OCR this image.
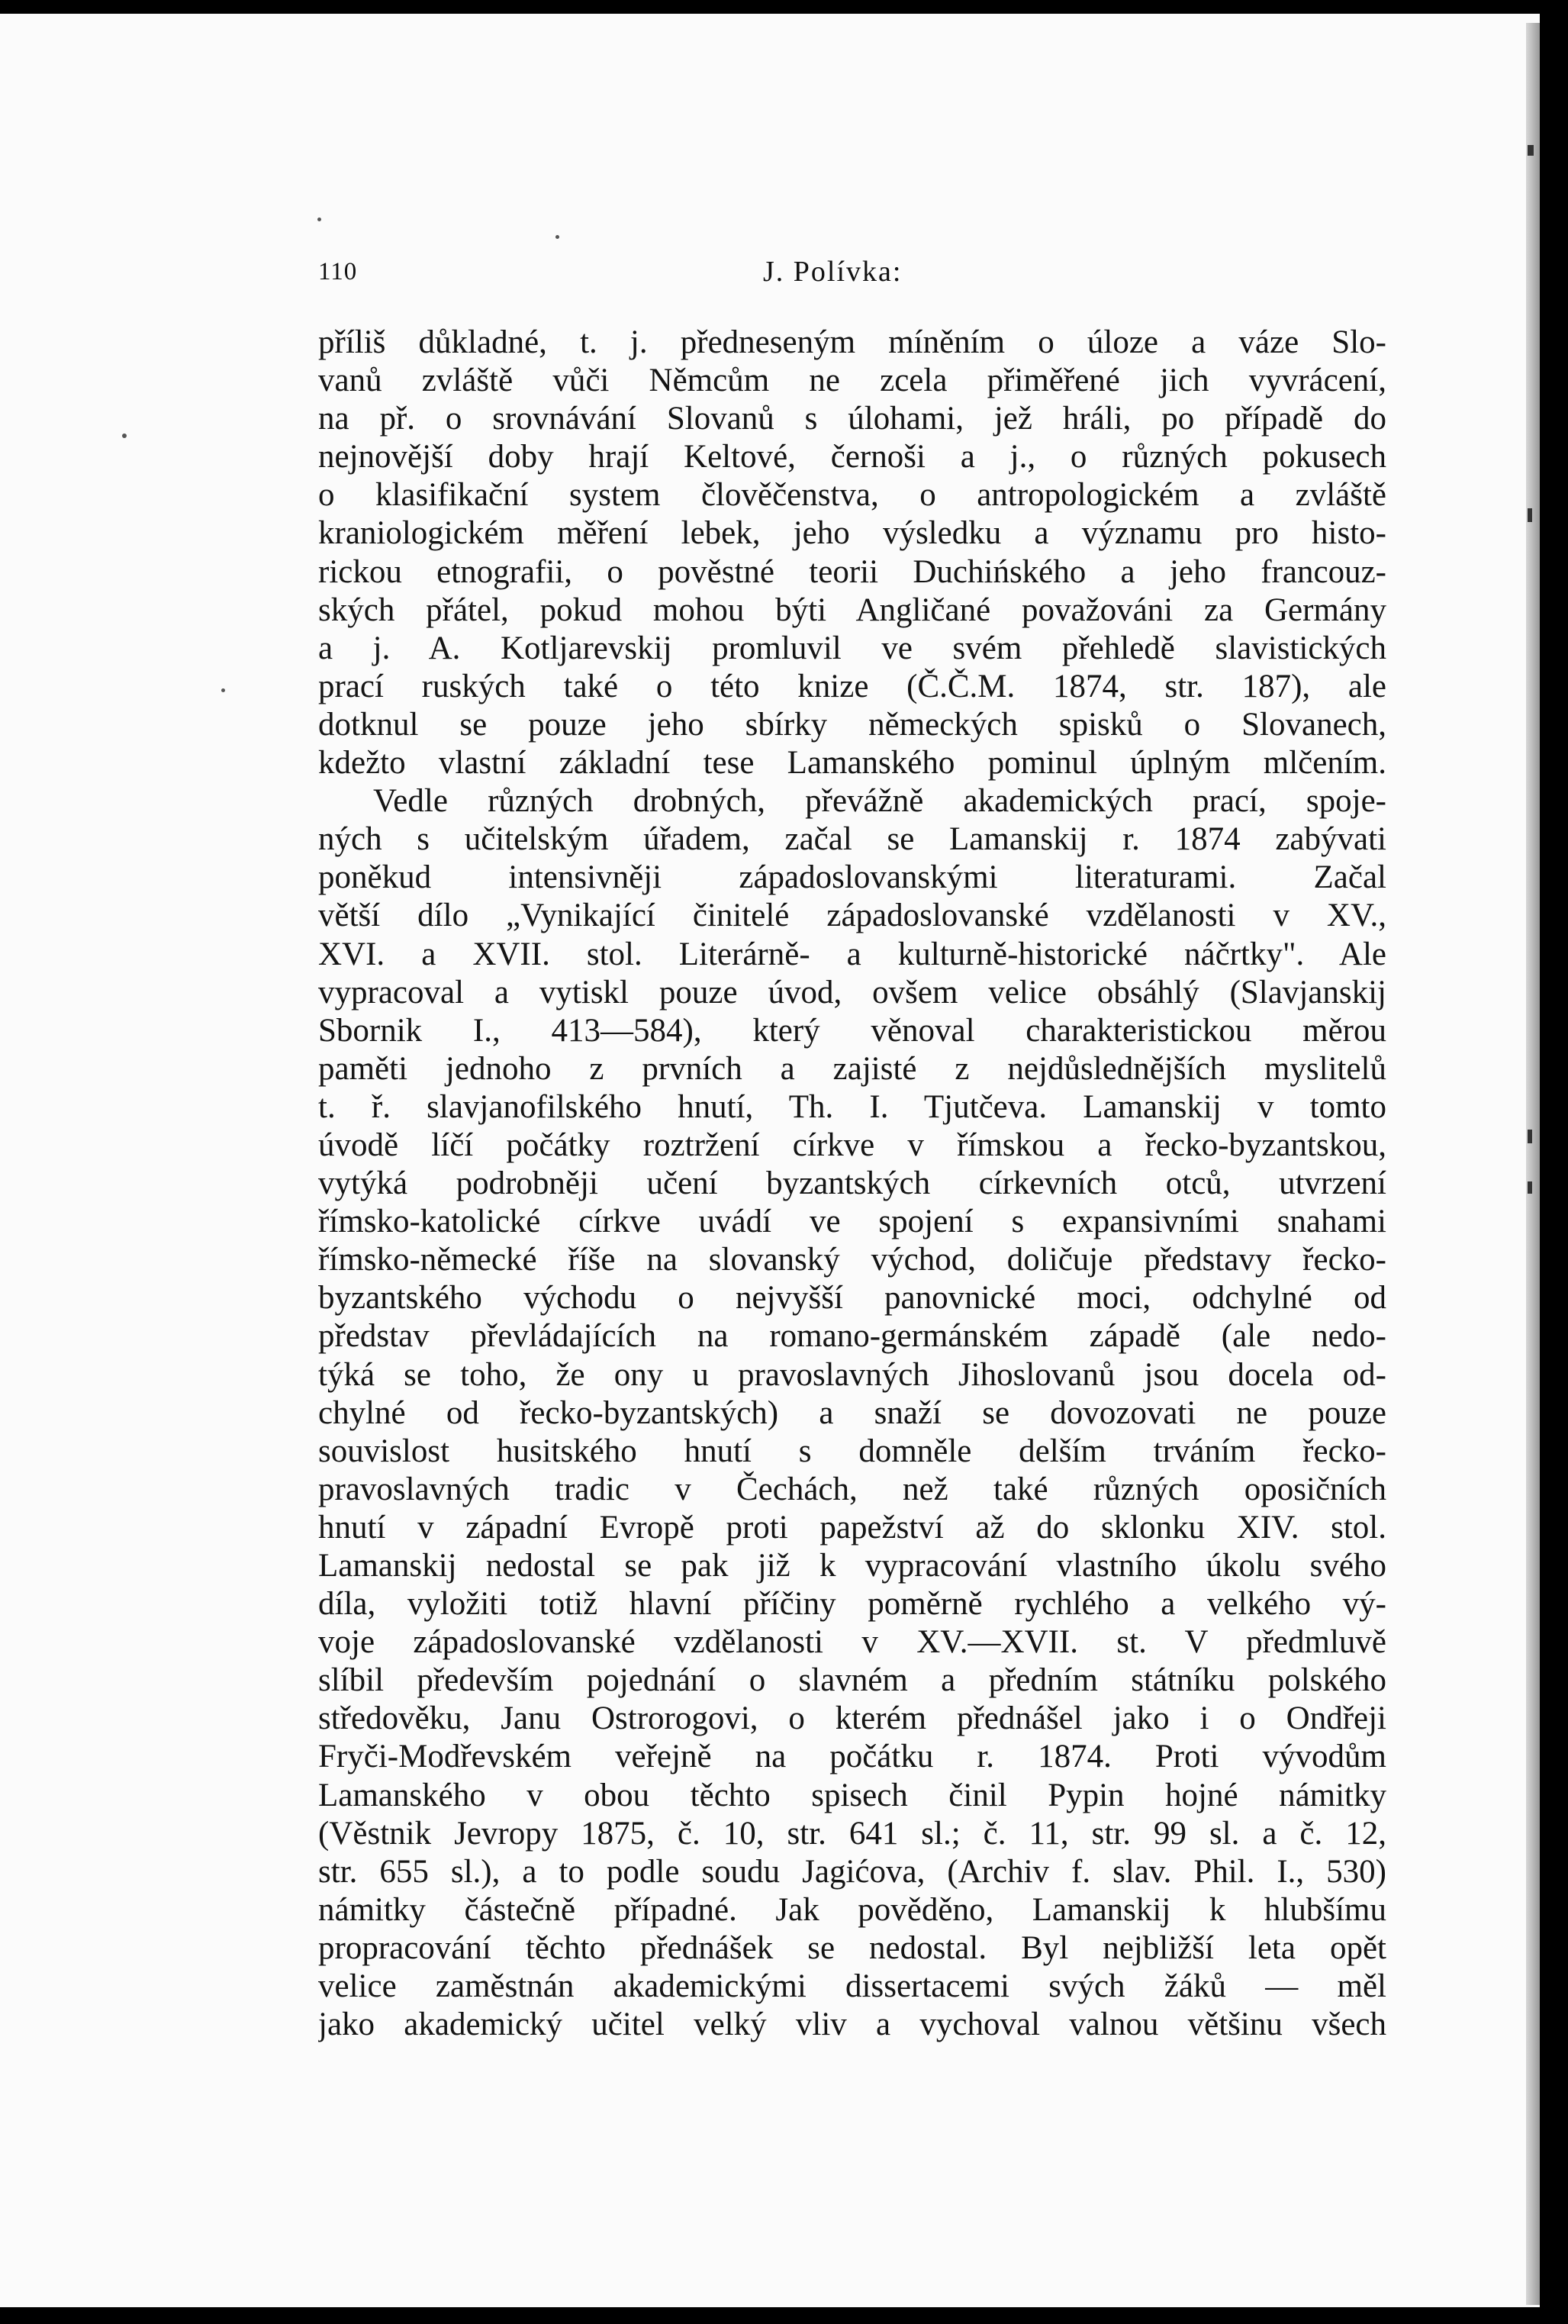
110	J. Polívka:
příliš důkladné, t. j. předneseným míněním o úloze a váze Slo-
vanů zvláště vůči Němcům ne zcela přiměřené jich vyvrácení,
na př. o srovnávání Slovanů s úlohami, jež hráli, po případě do
nejnovější doby hrají Keltové, černoši a j., o různých pokusech
o klasifikační system člověčenstva, o antropologickém a zvláště
kraniologickém měření lebek, jeho výsledku a významu pro histo-
rickou etnografii, o pověstné teorii Duchińského a jeho francouz-
ských přátel, pokud mohou býti Angličané považováni za Germány
a j. A. Kotljarevskij promluvil ve svém přehledě slavistických
prací ruských také o této knize (Č.Č.M. 1874, str. 187), ale
dotknul se pouze jeho sbírky německých spisků o Slovanech,
kdežto vlastní základní tese Lamanského pominul úplným mlčením.
Vedle různých drobných, převážně akademických prací, spoje-
ných s učitelským úřadem, začal se Lamanskij r. 1874 zabývati
poněkud intensivněji západoslovanskými literaturami. Začal
větší dílo „Vynikající činitelé západoslovanské vzdělanosti v XV.,
XVI. a XVII. stol. Literárně- a kulturně-historické náčrtky". Ale
vypracoval a vytiskl pouze úvod, ovšem velice obsáhlý (Slavjanskij
Sbornik I., 413—584), který věnoval charakteristickou měrou
paměti jednoho z prvních a zajisté z nejdůslednějších myslitelů
t. ř. slavjanofilského hnutí, Th. I. Tjutčeva. Lamanskij v tomto
úvodě líčí počátky roztržení církve v římskou a řecko-byzantskou,
vytýká podrobněji učení byzantských církevních otců, utvrzení
římsko-katolické církve uvádí ve spojení s expansivními snahami
římsko-německé říše na slovanský východ, doličuje představy řecko-
byzantského východu o nejvyšší panovnické moci, odchylné od
představ převládajících na romano-germánském západě (ale nedo-
týká se toho, že ony u pravoslavných Jihoslovanů jsou docela od-
chylné od řecko-byzantských) a snaží se dovozovati ne pouze
souvislost husitského hnutí s domnělе delším trváním řecko-
pravoslavných tradic v Čechách, než také různých oposičních
hnutí v západní Evropě proti papežství až do sklonku XIV. stol.
Lamanskij nedostal se pak již k vypracování vlastního úkolu svého
díla, vyložiti totiž hlavní příčiny poměrně rychlého a velkého vý-
voje západoslovanské vzdělanosti v XV.—XVII. st. V předmluvě
slíbil především pojednání o slavném a předním státníku polského
středověku, Janu Ostrorogovi, o kterém přednášel jako i o Ondřeji
Fryči-Modřevském veřejně na počátku r. 1874. Proti vývodům
Lamanského v obou těchto spisech činil Pypin hojné námitky
(Věstnik Jevropy 1875, č. 10, str. 641 sl.; č. 11, str. 99 sl. a č. 12,
str. 655 sl.), a to podle soudu Jagićova, (Archiv f. slav. Phil. I., 530)
námitky částečně případné. Jak pověděno, Lamanskij k hlubšímu
propracování těchto přednášek se nedostal. Byl nejbližší leta opět
velice zaměstnán akademickými dissertacemi svých žáků — měl
jako akademický učitel velký vliv a vychoval valnou většinu všech
